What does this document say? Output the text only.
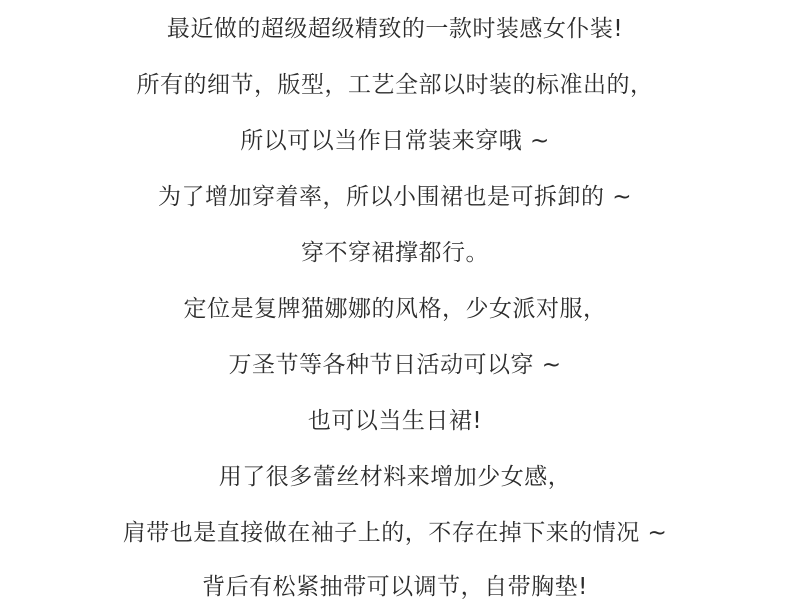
最近做的超级超级精致的一款时装感女仆装!
所有的细节，版型，工艺全部以时装的标准出的，
所以可以当作日常装来穿哦 ~
为了增加穿着率，所以小围裙也是可拆卸的 ~
穿不穿裙撑都行。
定位是复牌猫娜娜的风格，少女派对服，
万圣节等各种节日活动可以穿 ~
也可以当生日裙!
用了很多蕾丝材料来增加少女感，
肩带也是直接做在袖子上的，不存在掉下来的情况 ~
背后有松紧抽带可以调节，自带胸垫!
